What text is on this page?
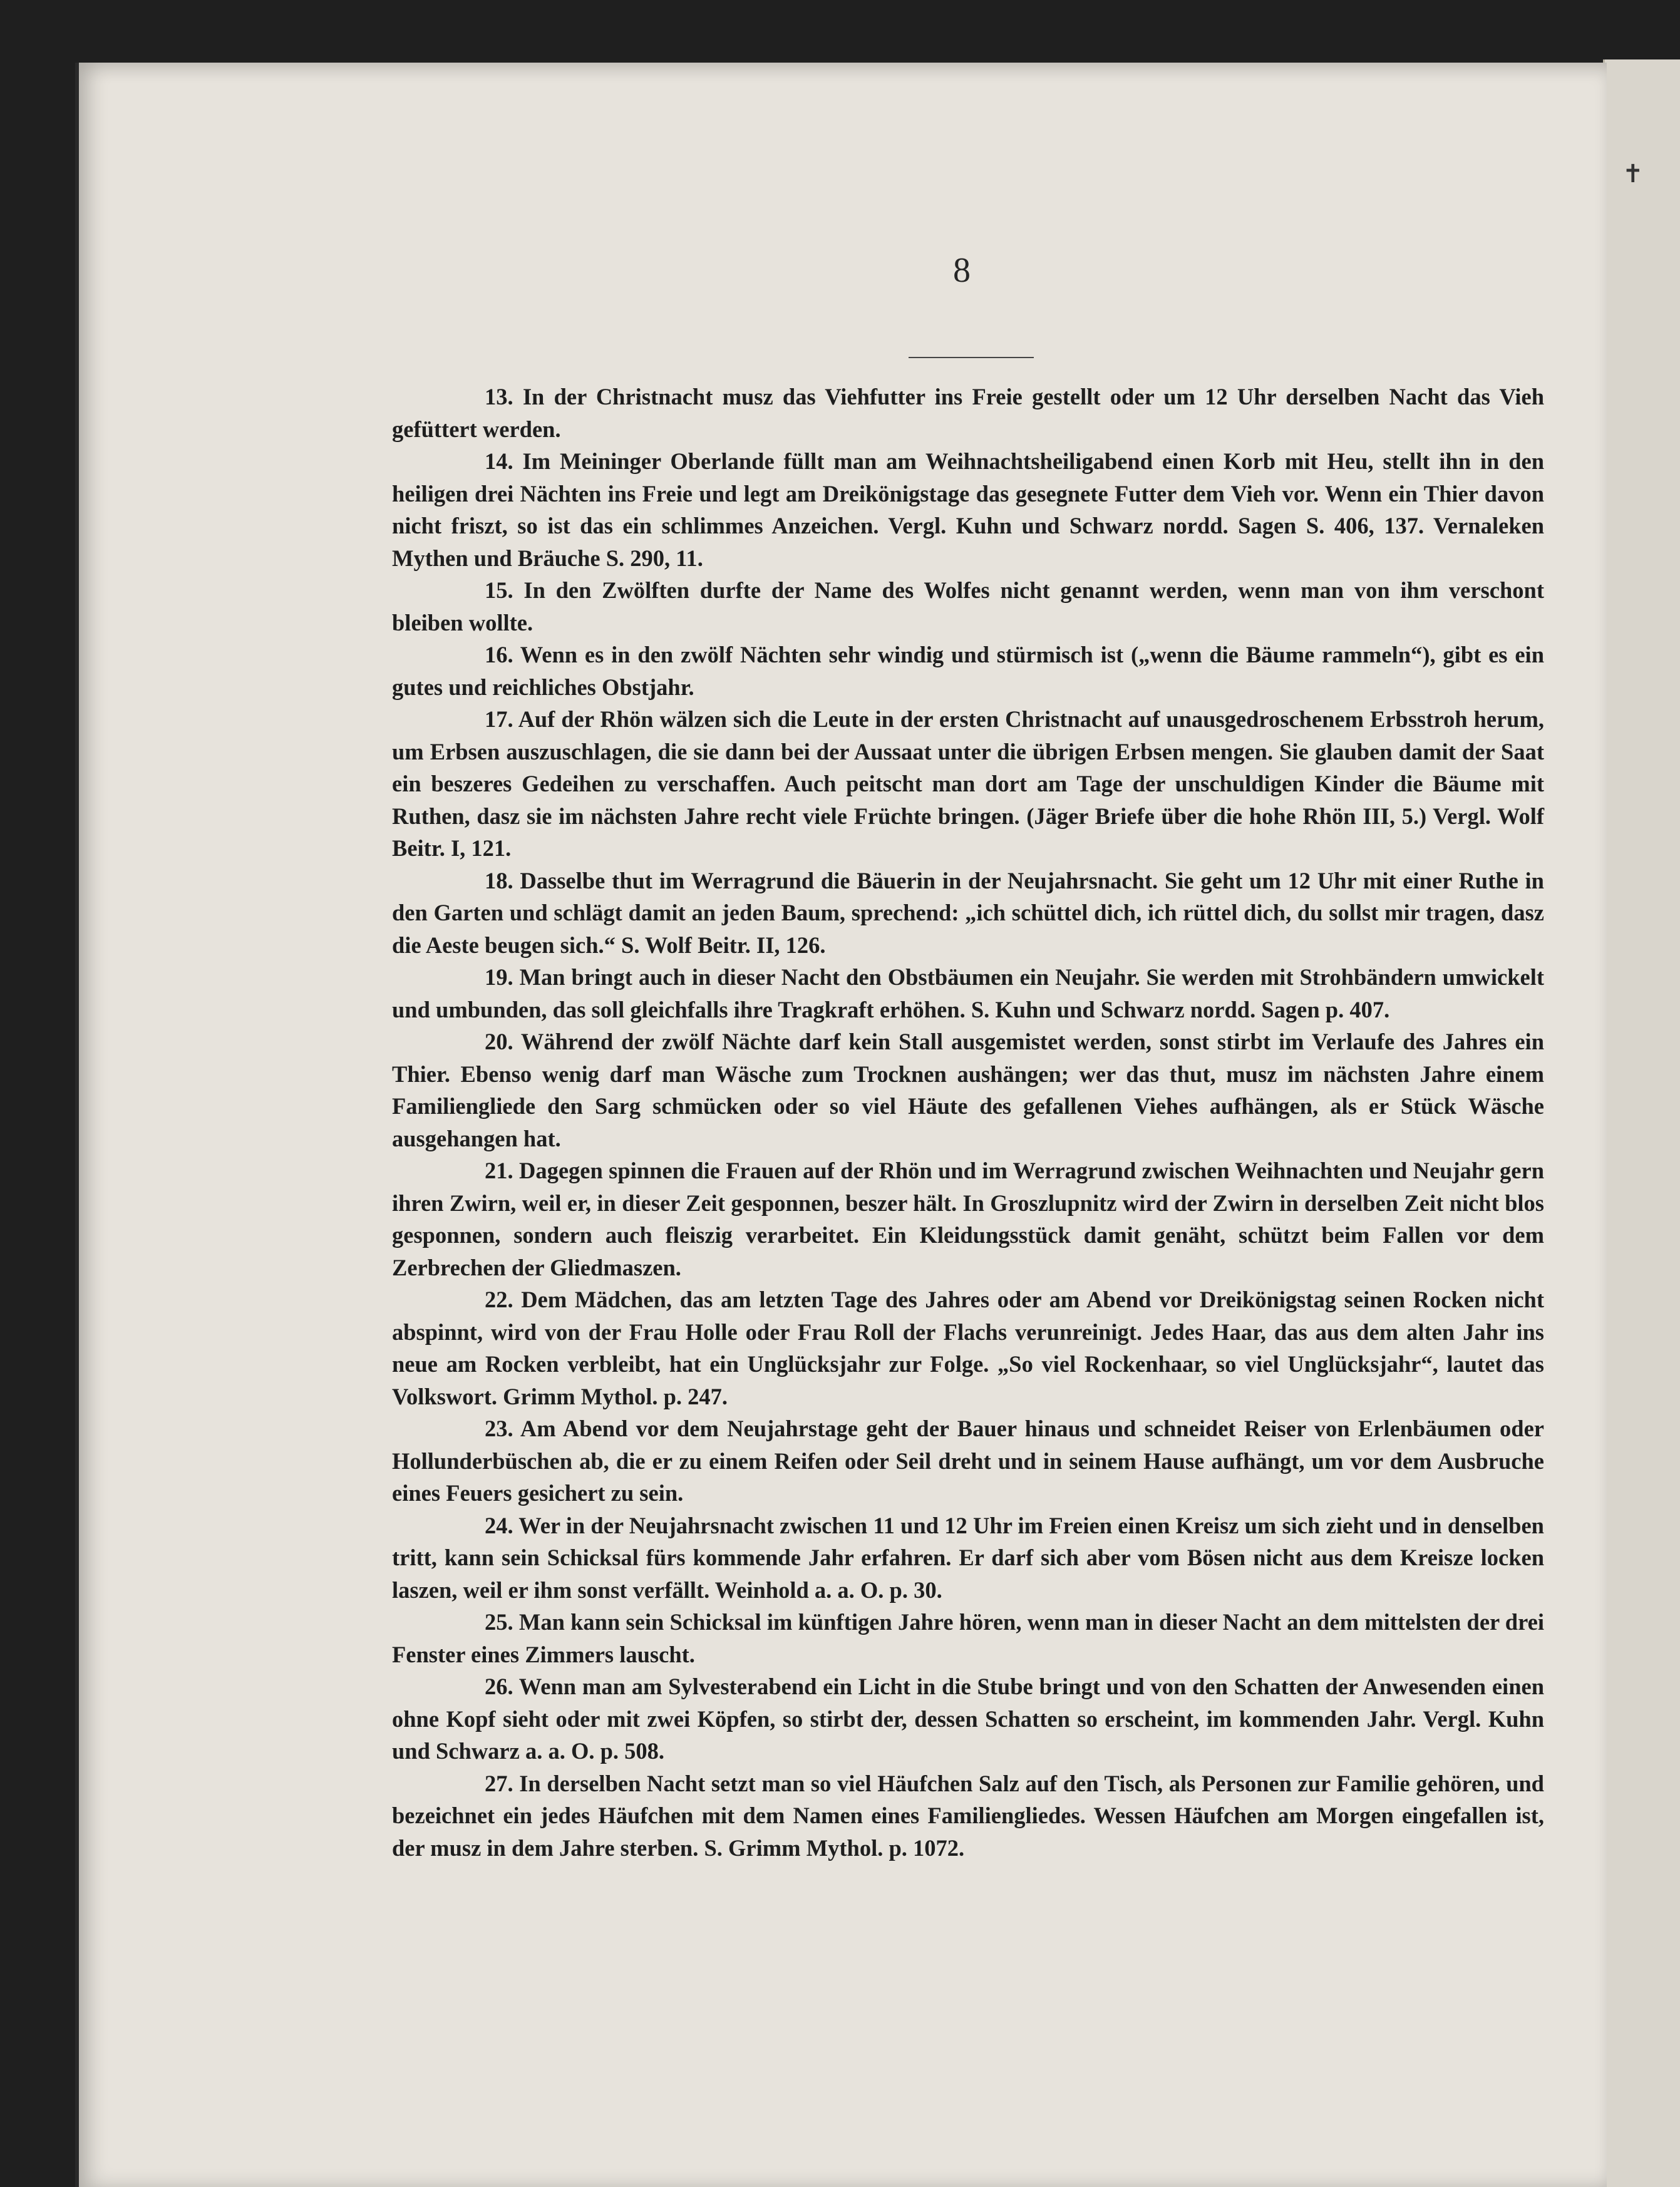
✝
8

13. In der Christnacht musz das Viehfutter ins Freie gestellt oder um 12 Uhr derselben Nacht das Vieh gefüttert werden.

14. Im Meininger Oberlande füllt man am Weihnachtsheiligabend einen Korb mit Heu, stellt ihn in den heiligen drei Nächten ins Freie und legt am Dreikönigstage das gesegnete Futter dem Vieh vor. Wenn ein Thier davon nicht friszt, so ist das ein schlimmes Anzeichen. Vergl. Kuhn und Schwarz nordd. Sagen S. 406, 137. Vernaleken Mythen und Bräuche S. 290, 11.

15. In den Zwölften durfte der Name des Wolfes nicht genannt werden, wenn man von ihm verschont bleiben wollte.

16. Wenn es in den zwölf Nächten sehr windig und stürmisch ist („wenn die Bäume rammeln“), gibt es ein gutes und reichliches Obstjahr.

17. Auf der Rhön wälzen sich die Leute in der ersten Christnacht auf unausgedroschenem Erbsstroh herum, um Erbsen auszuschlagen, die sie dann bei der Aussaat unter die übrigen Erbsen mengen. Sie glauben damit der Saat ein beszeres Gedeihen zu verschaffen. Auch peitscht man dort am Tage der unschuldigen Kinder die Bäume mit Ruthen, dasz sie im nächsten Jahre recht viele Früchte bringen. (Jäger Briefe über die hohe Rhön III, 5.) Vergl. Wolf Beitr. I, 121.

18. Dasselbe thut im Werragrund die Bäuerin in der Neujahrsnacht. Sie geht um 12 Uhr mit einer Ruthe in den Garten und schlägt damit an jeden Baum, sprechend: „ich schüttel dich, ich rüttel dich, du sollst mir tragen, dasz die Aeste beugen sich.“ S. Wolf Beitr. II, 126.

19. Man bringt auch in dieser Nacht den Obstbäumen ein Neujahr. Sie werden mit Strohbändern umwickelt und umbunden, das soll gleichfalls ihre Tragkraft erhöhen. S. Kuhn und Schwarz nordd. Sagen p. 407.

20. Während der zwölf Nächte darf kein Stall ausgemistet werden, sonst stirbt im Verlaufe des Jahres ein Thier. Ebenso wenig darf man Wäsche zum Trocknen aushängen; wer das thut, musz im nächsten Jahre einem Familiengliede den Sarg schmücken oder so viel Häute des gefallenen Viehes aufhängen, als er Stück Wäsche ausgehangen hat.

21. Dagegen spinnen die Frauen auf der Rhön und im Werragrund zwischen Weihnachten und Neujahr gern ihren Zwirn, weil er, in dieser Zeit gesponnen, beszer hält. In Groszlupnitz wird der Zwirn in derselben Zeit nicht blos gesponnen, sondern auch fleiszig verarbeitet. Ein Kleidungsstück damit genäht, schützt beim Fallen vor dem Zerbrechen der Gliedmaszen.

22. Dem Mädchen, das am letzten Tage des Jahres oder am Abend vor Dreikönigstag seinen Rocken nicht abspinnt, wird von der Frau Holle oder Frau Roll der Flachs verunreinigt. Jedes Haar, das aus dem alten Jahr ins neue am Rocken verbleibt, hat ein Unglücksjahr zur Folge. „So viel Rockenhaar, so viel Unglücksjahr“, lautet das Volkswort. Grimm Mythol. p. 247.

23. Am Abend vor dem Neujahrstage geht der Bauer hinaus und schneidet Reiser von Erlenbäumen oder Hollunderbüschen ab, die er zu einem Reifen oder Seil dreht und in seinem Hause aufhängt, um vor dem Ausbruche eines Feuers gesichert zu sein.

24. Wer in der Neujahrsnacht zwischen 11 und 12 Uhr im Freien einen Kreisz um sich zieht und in denselben tritt, kann sein Schicksal fürs kommende Jahr erfahren. Er darf sich aber vom Bösen nicht aus dem Kreisze locken laszen, weil er ihm sonst verfällt. Weinhold a. a. O. p. 30.

25. Man kann sein Schicksal im künftigen Jahre hören, wenn man in dieser Nacht an dem mittelsten der drei Fenster eines Zimmers lauscht.

26. Wenn man am Sylvesterabend ein Licht in die Stube bringt und von den Schatten der Anwesenden einen ohne Kopf sieht oder mit zwei Köpfen, so stirbt der, dessen Schatten so erscheint, im kommenden Jahr. Vergl. Kuhn und Schwarz a. a. O. p. 508.

27. In derselben Nacht setzt man so viel Häufchen Salz auf den Tisch, als Personen zur Familie gehören, und bezeichnet ein jedes Häufchen mit dem Namen eines Familiengliedes. Wessen Häufchen am Morgen eingefallen ist, der musz in dem Jahre sterben. S. Grimm Mythol. p. 1072.
